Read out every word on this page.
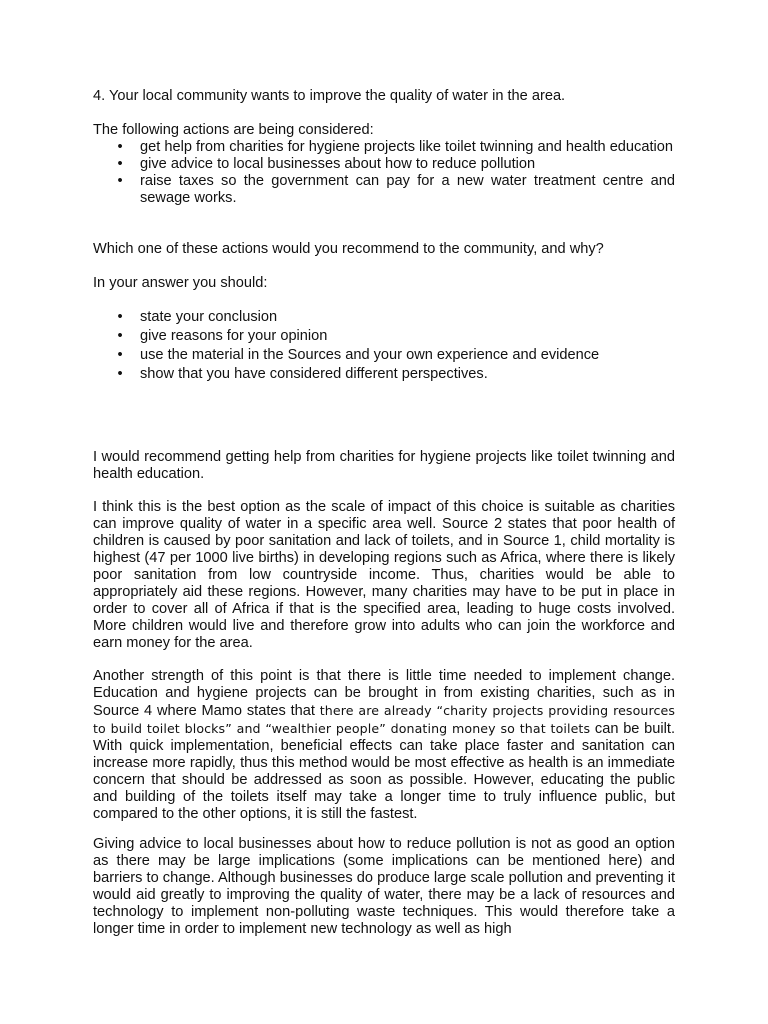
4. Your local community wants to improve the quality of water in the area.

The following actions are being considered:

• get help from charities for hygiene projects like toilet twinning and health education
• give advice to local businesses about how to reduce pollution
• raise taxes so the government can pay for a new water treatment centre and sewage works.

Which one of these actions would you recommend to the community, and why?

In your answer you should:

• state your conclusion
• give reasons for your opinion
• use the material in the Sources and your own experience and evidence
• show that you have considered different perspectives.

I would recommend getting help from charities for hygiene projects like toilet twinning and health education.

I think this is the best option as the scale of impact of this choice is suitable as charities can improve quality of water in a specific area well. Source 2 states that poor health of children is caused by poor sanitation and lack of toilets, and in Source 1, child mortality is highest (47 per 1000 live births) in developing regions such as Africa, where there is likely poor sanitation from low countryside income. Thus, charities would be able to appropriately aid these regions. However, many charities may have to be put in place in order to cover all of Africa if that is the specified area, leading to huge costs involved. More children would live and therefore grow into adults who can join the workforce and earn money for the area.

Another strength of this point is that there is little time needed to implement change. Education and hygiene projects can be brought in from existing charities, such as in Source 4 where Mamo states that there are already “charity projects providing resources to build toilet blocks” and “wealthier people” donating money so that toilets can be built. With quick implementation, beneficial effects can take place faster and sanitation can increase more rapidly, thus this method would be most effective as health is an immediate concern that should be addressed as soon as possible. However, educating the public and building of the toilets itself may take a longer time to truly influence public, but compared to the other options, it is still the fastest.

Giving advice to local businesses about how to reduce pollution is not as good an option as there may be large implications (some implications can be mentioned here) and barriers to change. Although businesses do produce large scale pollution and preventing it would aid greatly to improving the quality of water, there may be a lack of resources and technology to implement non-polluting waste techniques. This would therefore take a longer time in order to implement new technology as well as high
